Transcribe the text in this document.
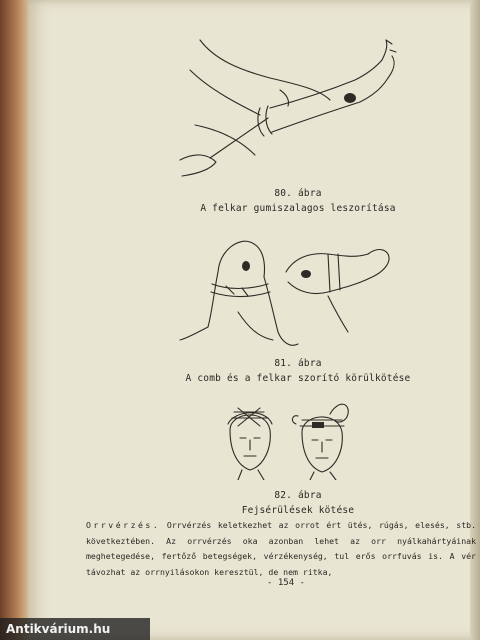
80. ábra
A felkar gumiszalagos leszorítása
81. ábra
A comb és a felkar szorító körülkötése
82. ábra
Fejsérülések kötése
Orrvérzés. Orrvérzés keletkezhet az orrot ért ütés, rúgás, elesés, stb. következtében. Az orrvérzés oka azonban lehet az orr nyálkahártyáinak meghetegedése, fertőző betegségek, vérzékenység, tul erős orrfuvás is. A vér távozhat az orrnyilásokon keresztül, de nem ritka,
- 154 -
Antikvárium.hu
